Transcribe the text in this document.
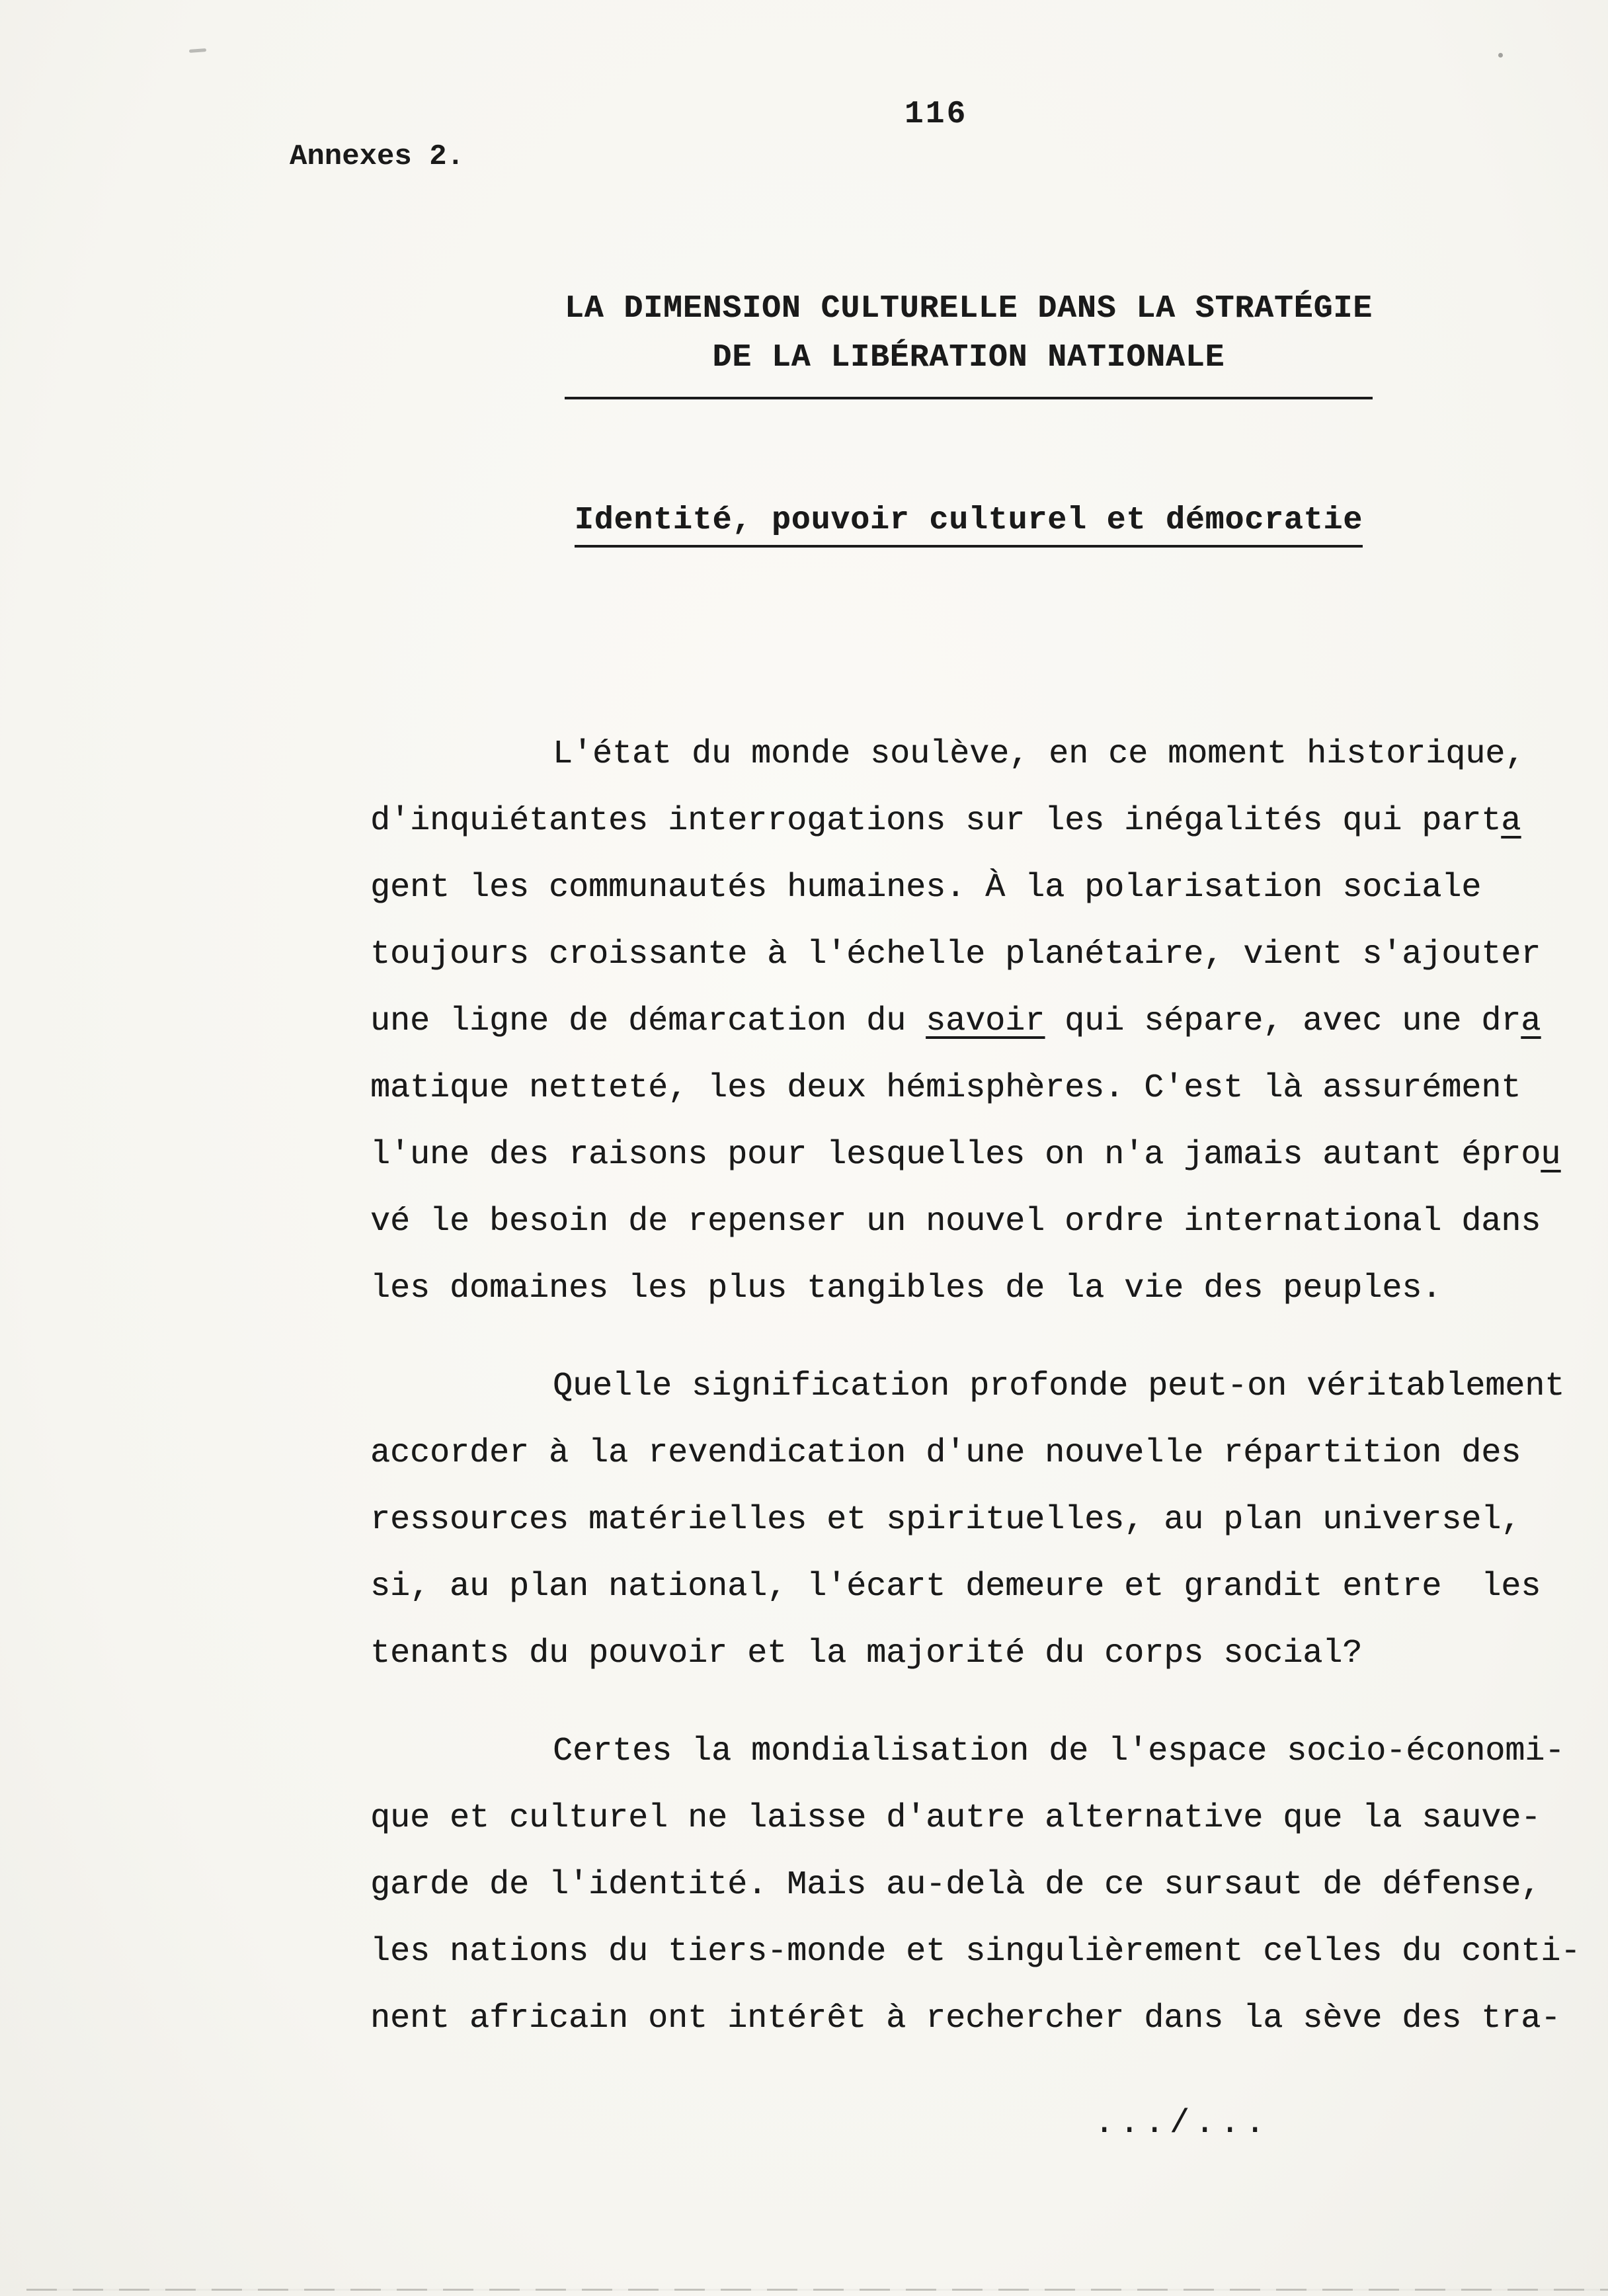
116
Annexes 2.
LA DIMENSION CULTURELLE DANS LA STRATÉGIE
DE LA LIBÉRATION NATIONALE
Identité, pouvoir culturel et démocratie
L'état du monde soulève, en ce moment historique,
d'inquiétantes interrogations sur les inégalités qui parta
gent les communautés humaines. À la polarisation sociale
toujours croissante à l'échelle planétaire, vient s'ajouter
une ligne de démarcation du savoir qui sépare, avec une dra
matique netteté, les deux hémisphères. C'est là assurément
l'une des raisons pour lesquelles on n'a jamais autant éprou
vé le besoin de repenser un nouvel ordre international dans
les domaines les plus tangibles de la vie des peuples.
Quelle signification profonde peut-on véritablement
accorder à la revendication d'une nouvelle répartition des
ressources matérielles et spirituelles, au plan universel,
si, au plan national, l'écart demeure et grandit entre  les
tenants du pouvoir et la majorité du corps social?
Certes la mondialisation de l'espace socio-économi-
que et culturel ne laisse d'autre alternative que la sauve-
garde de l'identité. Mais au-delà de ce sursaut de défense,
les nations du tiers-monde et singulièrement celles du conti-
nent africain ont intérêt à rechercher dans la sève des tra-
.../...
